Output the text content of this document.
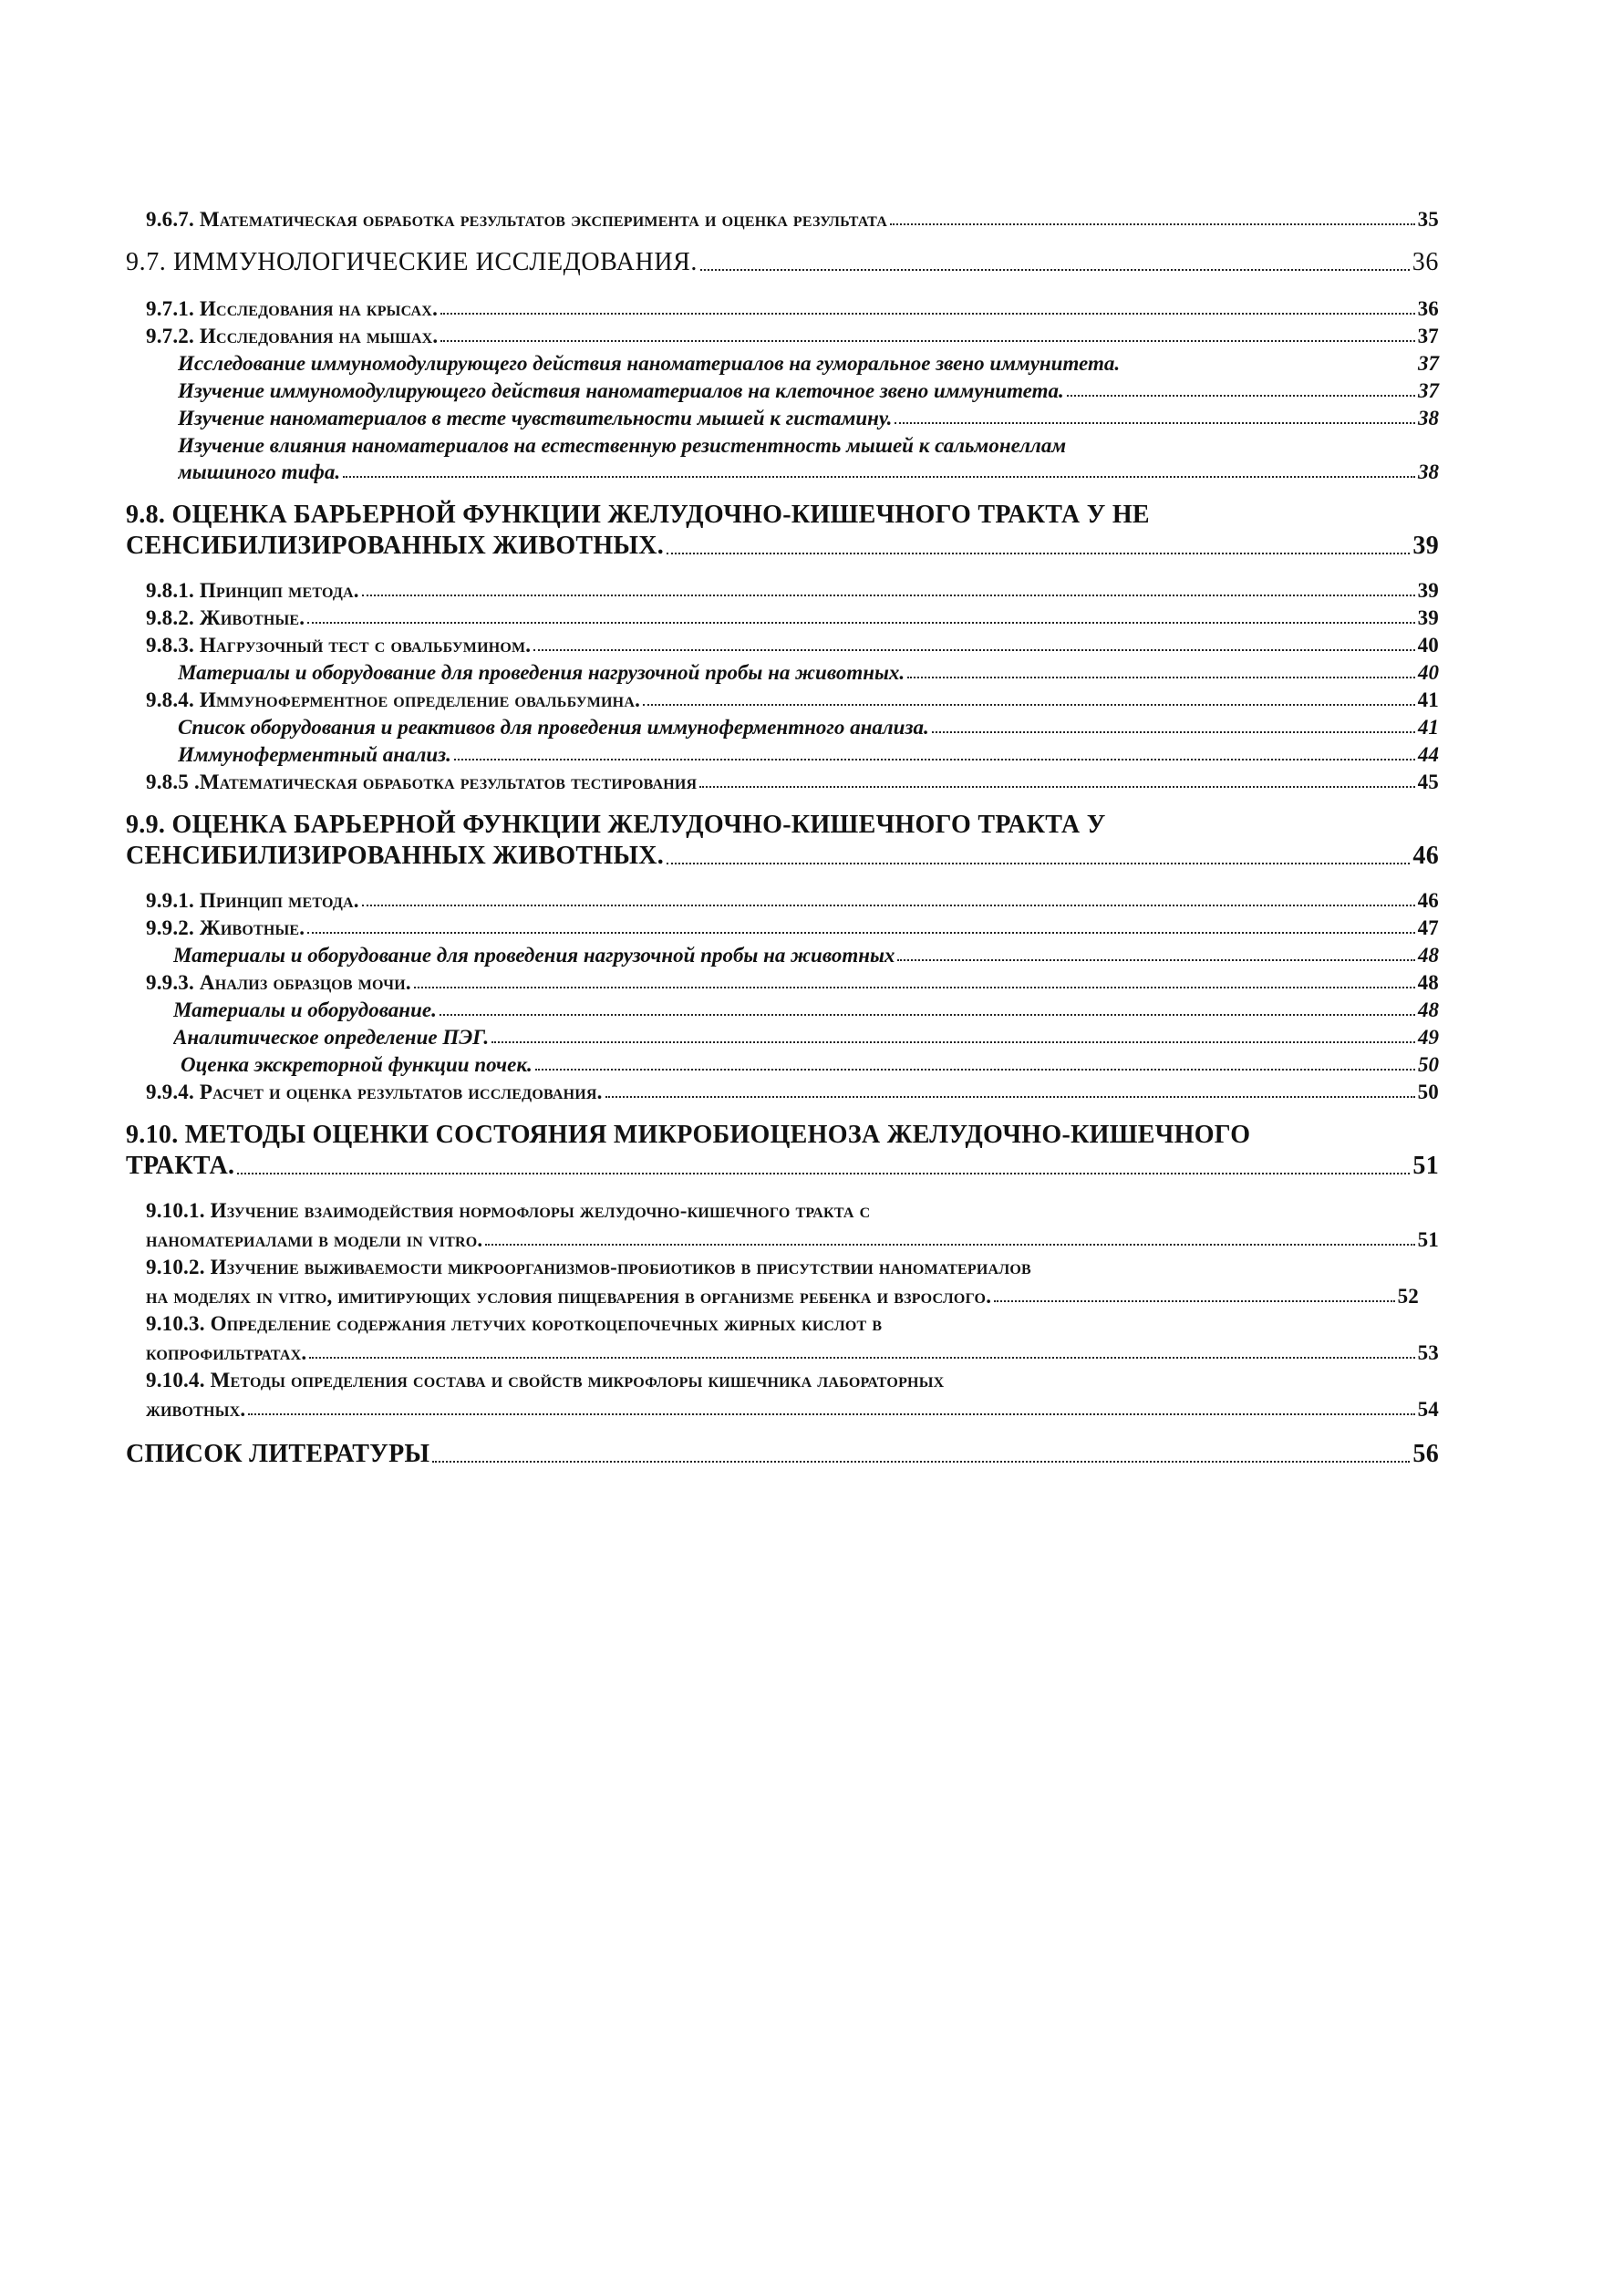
9.6.7. Математическая обработка результатов эксперимента и оценка результата	35
9.7. ИММУНОЛОГИЧЕСКИЕ ИССЛЕДОВАНИЯ.	36
9.7.1. Исследования на крысах.	36
9.7.2. Исследования на мышах.	37
Исследование иммуномодулирующего действия наноматериалов на гуморальное звено иммунитета.	37
Изучение иммуномодулирующего действия наноматериалов на клеточное звено иммунитета.	37
Изучение наноматериалов в тесте чувствительности мышей к гистамину.	38
Изучение влияния наноматериалов на естественную резистентность мышей к сальмонеллам
мышиного тифа.	38
9.8. ОЦЕНКА БАРЬЕРНОЙ ФУНКЦИИ ЖЕЛУДОЧНО-КИШЕЧНОГО ТРАКТА У НЕ
СЕНСИБИЛИЗИРОВАННЫХ ЖИВОТНЫХ.	39
9.8.1. Принцип метода.	39
9.8.2. Животные.	39
9.8.3. Нагрузочный тест с овальбумином.	40
Материалы и оборудование для проведения нагрузочной пробы на животных.	40
9.8.4. Иммуноферментное определение овальбумина.	41
Список оборудования и реактивов для проведения иммуноферментного анализа.	41
Иммуноферментный анализ.	44
9.8.5 .Математическая обработка результатов тестирования	45
9.9. ОЦЕНКА БАРЬЕРНОЙ ФУНКЦИИ ЖЕЛУДОЧНО-КИШЕЧНОГО ТРАКТА У
СЕНСИБИЛИЗИРОВАННЫХ ЖИВОТНЫХ.	46
9.9.1. Принцип метода.	46
9.9.2. Животные.	47
Материалы и оборудование для проведения нагрузочной пробы на животных	48
9.9.3. Анализ образцов мочи.	48
Материалы и оборудование.	48
Аналитическое определение ПЭГ.	49
Оценка экскреторной функции почек.	50
9.9.4. Расчет и оценка результатов исследования.	50
9.10. МЕТОДЫ ОЦЕНКИ СОСТОЯНИЯ МИКРОБИОЦЕНОЗА ЖЕЛУДОЧНО-КИШЕЧНОГО
ТРАКТА.	51
9.10.1. Изучение взаимодействия нормофлоры желудочно-кишечного тракта с
наноматериалами в модели in vitro.	51
9.10.2. Изучение выживаемости микроорганизмов-пробиотиков в присутствии наноматериалов
на моделях in vitro, имитирующих условия пищеварения в организме ребенка и взрослого.	52
9.10.3. Определение содержания летучих короткоцепочечных жирных кислот в
копрофильтратах.	53
9.10.4. Методы определения состава и свойств микрофлоры кишечника лабораторных
животных.	54
СПИСОК ЛИТЕРАТУРЫ	56
